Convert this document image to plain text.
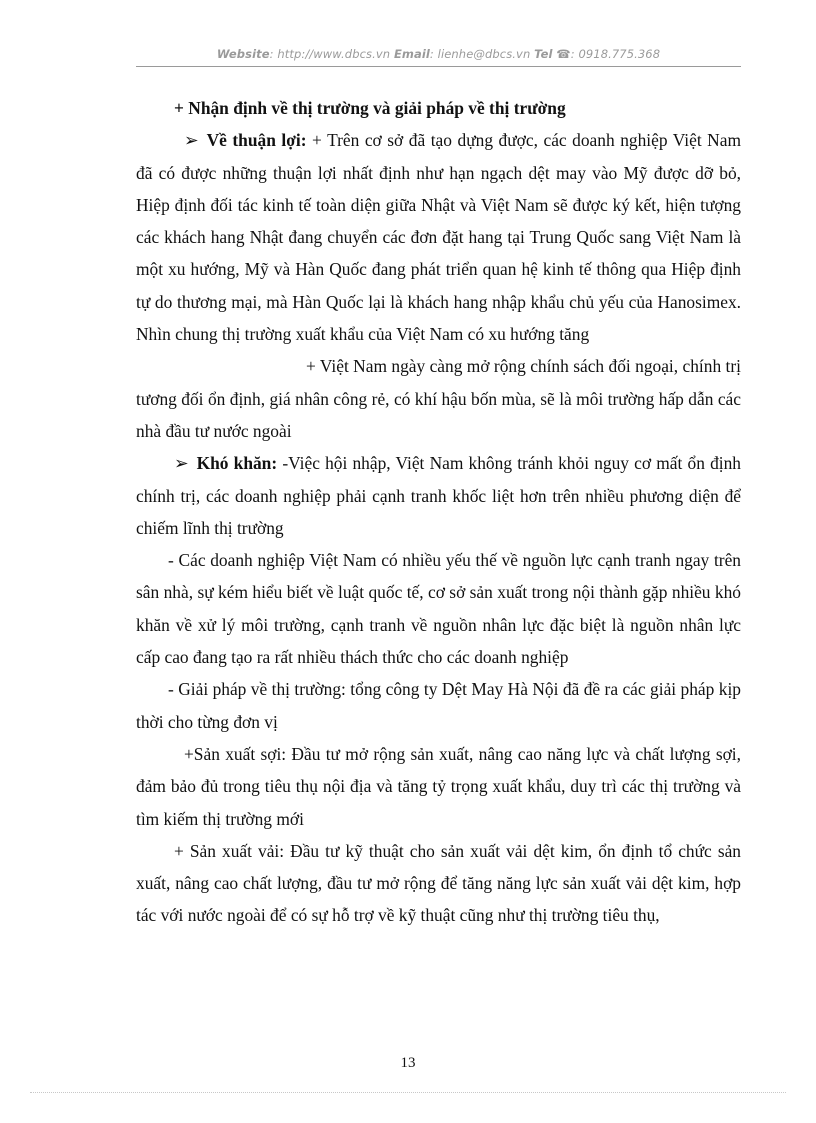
Website: http://www.dbcs.vn Email: lienhe@dbcs.vn Tel ☎: 0918.775.368

+ Nhận định về thị trường và giải pháp về thị trường

➢ Về thuận lợi: + Trên cơ sở đã tạo dựng được, các doanh nghiệp Việt Nam đã có được những thuận lợi nhất định như hạn ngạch dệt may vào Mỹ được dỡ bỏ, Hiệp định đối tác kinh tế toàn diện giữa Nhật và Việt Nam sẽ được ký kết, hiện tượng các khách hang Nhật đang chuyển các đơn đặt hang tại Trung Quốc sang Việt Nam là một xu hướng, Mỹ và Hàn Quốc đang phát triển quan hệ kinh tế thông qua Hiệp định tự do thương mại, mà Hàn Quốc lại là khách hang nhập khẩu chủ yếu của Hanosimex. Nhìn chung thị trường xuất khẩu của Việt Nam có xu hướng tăng

+ Việt Nam ngày càng mở rộng chính sách đối ngoại, chính trị tương đối ổn định, giá nhân công rẻ, có khí hậu bốn mùa, sẽ là môi trường hấp dẫn các nhà đầu tư nước ngoài

➢ Khó khăn: -Việc hội nhập, Việt Nam không tránh khỏi nguy cơ mất ổn định chính trị, các doanh nghiệp phải cạnh tranh khốc liệt hơn trên nhiều phương diện để chiếm lĩnh thị trường

- Các doanh nghiệp Việt Nam có nhiều yếu thế về nguồn lực cạnh tranh ngay trên sân nhà, sự kém hiểu biết về luật quốc tế, cơ sở sản xuất trong nội thành gặp nhiều khó khăn về xử lý môi trường, cạnh tranh về nguồn nhân lực đặc biệt là nguồn nhân lực cấp cao đang tạo ra rất nhiều thách thức cho các doanh nghiệp

- Giải pháp về thị trường: tổng công ty Dệt May Hà Nội đã đề ra các giải pháp kịp thời cho từng đơn vị

+Sản xuất sợi: Đầu tư mở rộng sản xuất, nâng cao năng lực và chất lượng sợi, đảm bảo đủ trong tiêu thụ nội địa và tăng tỷ trọng xuất khẩu, duy trì các thị trường và tìm kiếm thị trường mới

+ Sản xuất vải: Đầu tư kỹ thuật cho sản xuất vải dệt kim, ổn định tổ chức sản xuất, nâng cao chất lượng, đầu tư mở rộng để tăng năng lực sản xuất vải dệt kim, hợp tác với nước ngoài để có sự hỗ trợ về kỹ thuật cũng như thị trường tiêu thụ,

13
